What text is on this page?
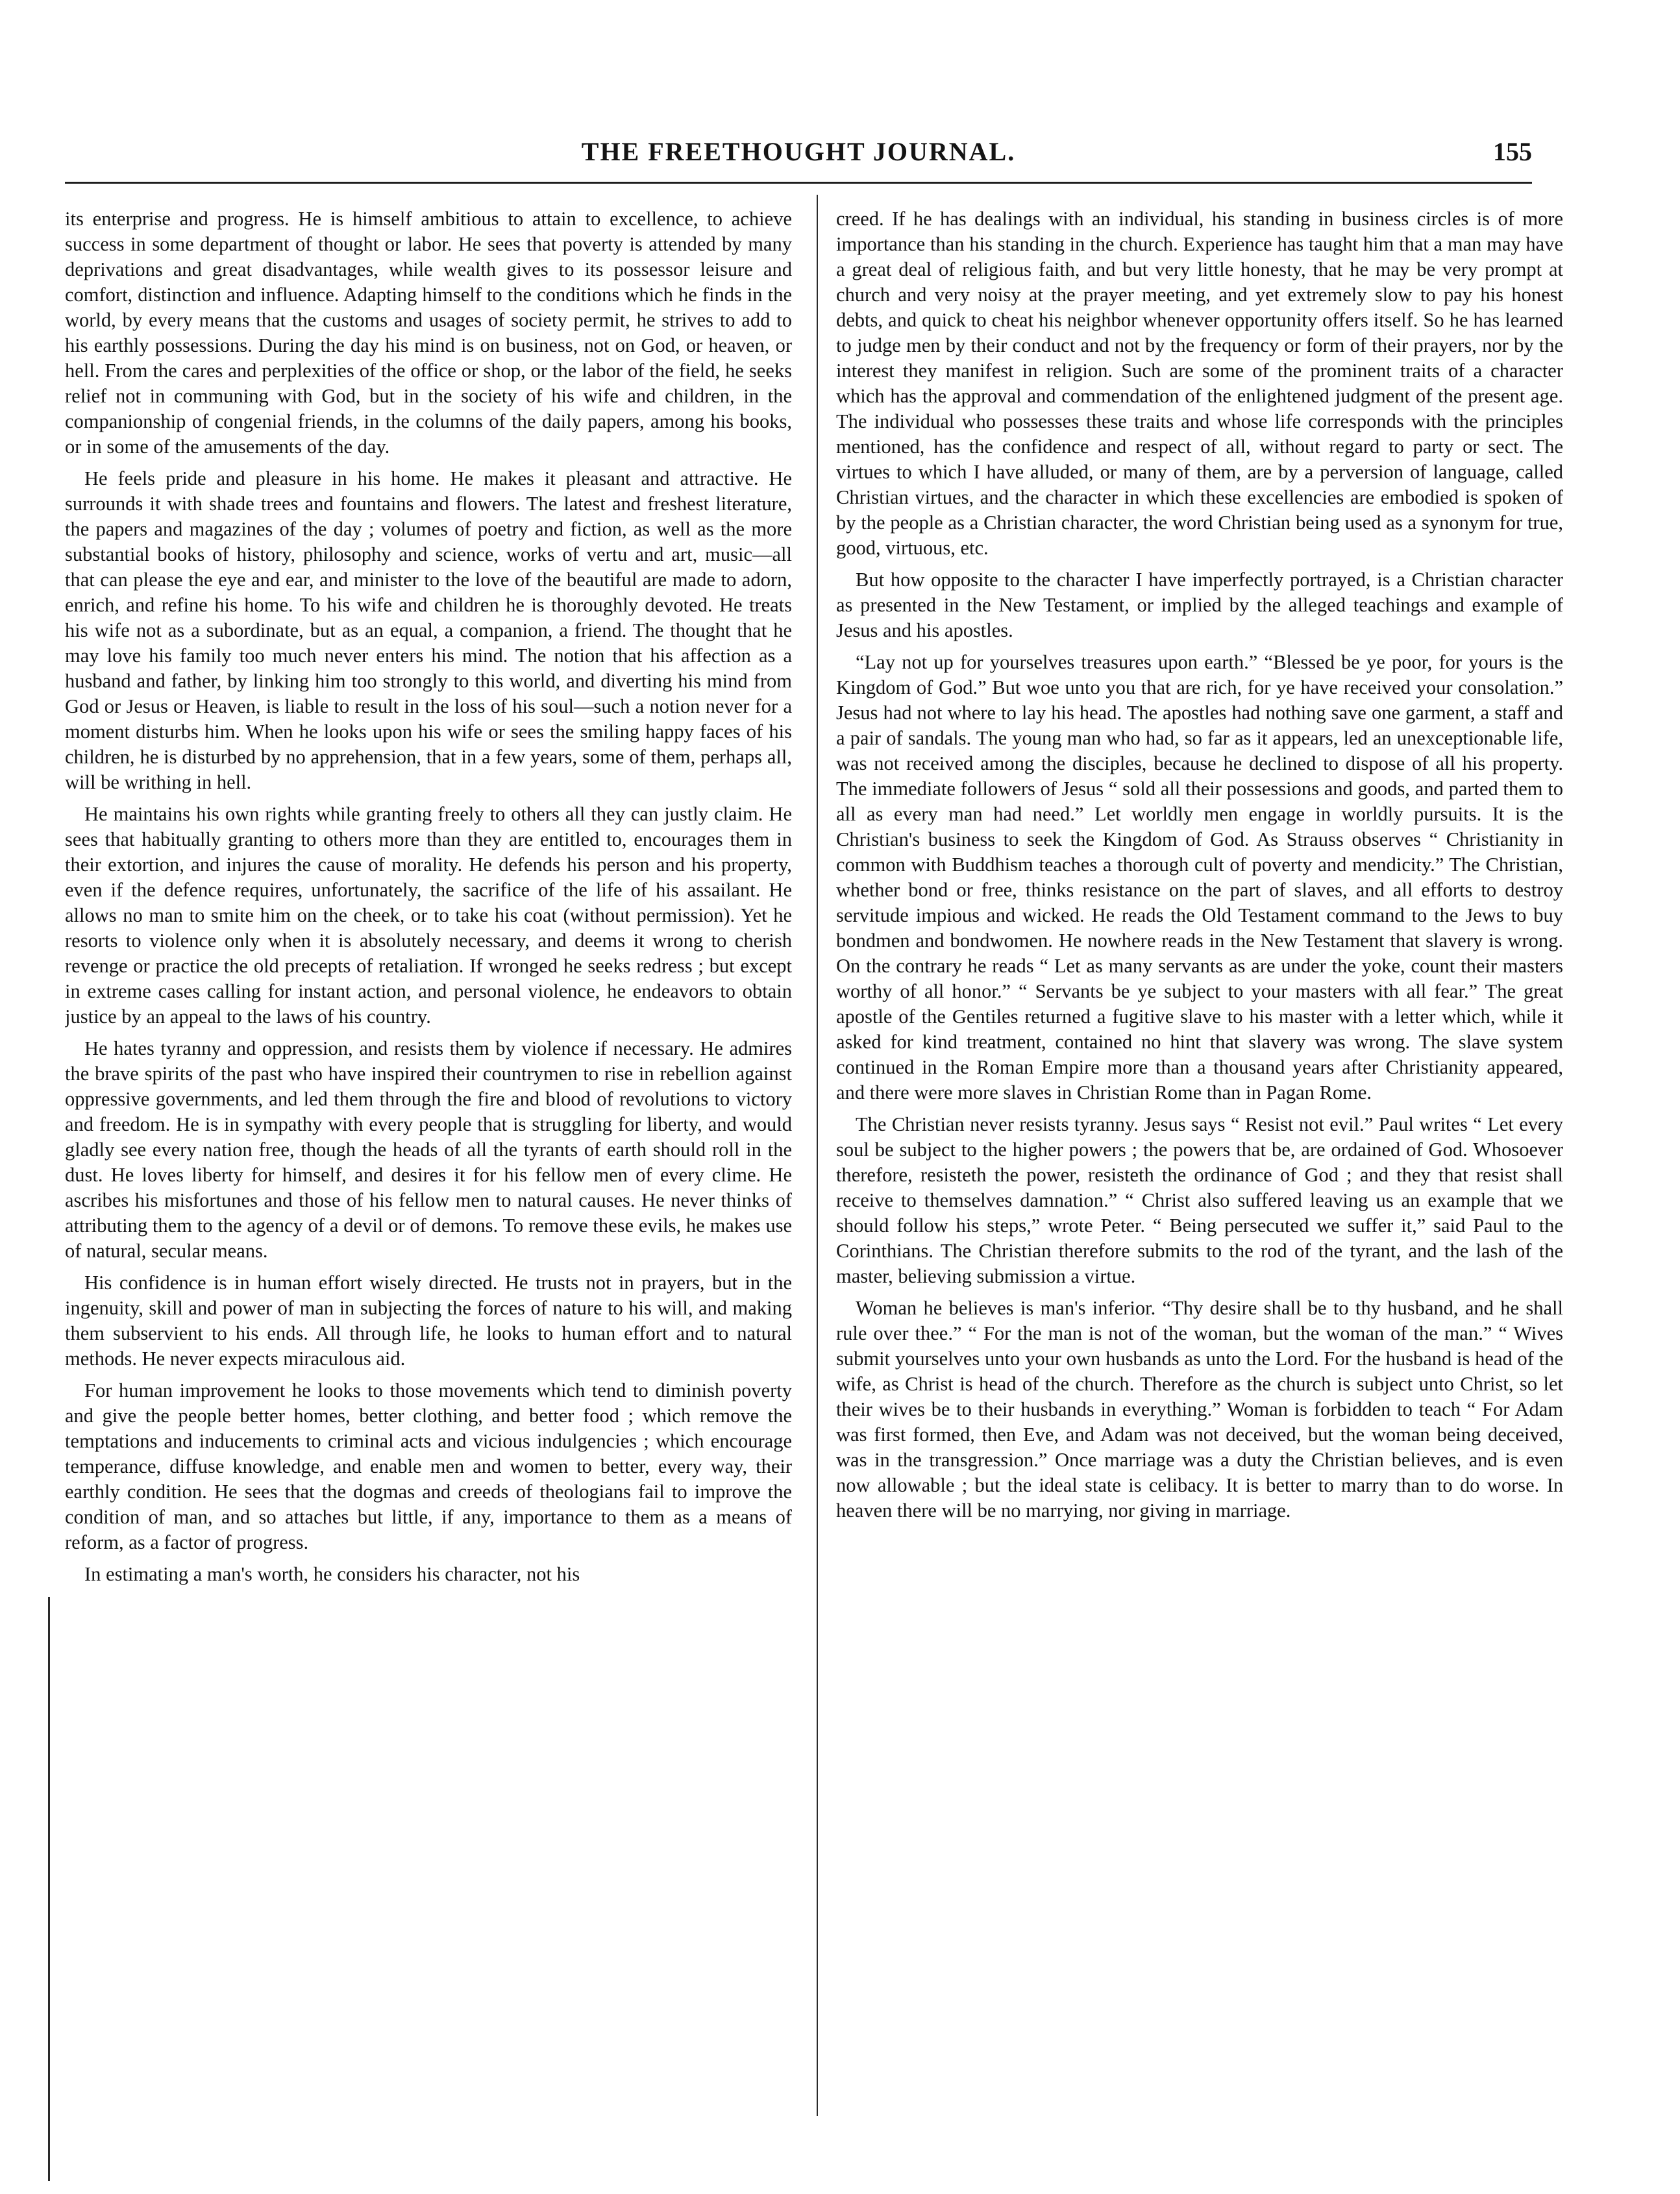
THE FREETHOUGHT JOURNAL.	155

its enterprise and progress. He is himself ambitious to attain to excellence, to achieve success in some department of thought or labor. He sees that poverty is attended by many deprivations and great disadvantages, while wealth gives to its possessor leisure and comfort, distinction and influence. Adapting himself to the conditions which he finds in the world, by every means that the customs and usages of society permit, he strives to add to his earthly possessions. During the day his mind is on business, not on God, or heaven, or hell. From the cares and perplexities of the office or shop, or the labor of the field, he seeks relief not in communing with God, but in the society of his wife and children, in the companionship of congenial friends, in the columns of the daily papers, among his books, or in some of the amusements of the day.

He feels pride and pleasure in his home. He makes it pleasant and attractive. He surrounds it with shade trees and fountains and flowers. The latest and freshest literature, the papers and magazines of the day ; volumes of poetry and fiction, as well as the more substantial books of history, philosophy and science, works of vertu and art, music—all that can please the eye and ear, and minister to the love of the beautiful are made to adorn, enrich, and refine his home. To his wife and children he is thoroughly devoted. He treats his wife not as a subordinate, but as an equal, a companion, a friend. The thought that he may love his family too much never enters his mind. The notion that his affection as a husband and father, by linking him too strongly to this world, and diverting his mind from God or Jesus or Heaven, is liable to result in the loss of his soul—such a notion never for a moment disturbs him. When he looks upon his wife or sees the smiling happy faces of his children, he is disturbed by no apprehension, that in a few years, some of them, perhaps all, will be writhing in hell.

He maintains his own rights while granting freely to others all they can justly claim. He sees that habitually granting to others more than they are entitled to, encourages them in their extortion, and injures the cause of morality. He defends his person and his property, even if the defence requires, unfortunately, the sacrifice of the life of his assailant. He allows no man to smite him on the cheek, or to take his coat (without permission). Yet he resorts to violence only when it is absolutely necessary, and deems it wrong to cherish revenge or practice the old precepts of retaliation. If wronged he seeks redress ; but except in extreme cases calling for instant action, and personal violence, he endeavors to obtain justice by an appeal to the laws of his country.

He hates tyranny and oppression, and resists them by violence if necessary. He admires the brave spirits of the past who have inspired their countrymen to rise in rebellion against oppressive governments, and led them through the fire and blood of revolutions to victory and freedom. He is in sympathy with every people that is struggling for liberty, and would gladly see every nation free, though the heads of all the tyrants of earth should roll in the dust. He loves liberty for himself, and desires it for his fellow men of every clime. He ascribes his misfortunes and those of his fellow men to natural causes. He never thinks of attributing them to the agency of a devil or of demons. To remove these evils, he makes use of natural, secular means.

His confidence is in human effort wisely directed. He trusts not in prayers, but in the ingenuity, skill and power of man in subjecting the forces of nature to his will, and making them subservient to his ends. All through life, he looks to human effort and to natural methods. He never expects miraculous aid.

For human improvement he looks to those movements which tend to diminish poverty and give the people better homes, better clothing, and better food ; which remove the temptations and inducements to criminal acts and vicious indulgencies ; which encourage temperance, diffuse knowledge, and enable men and women to better, every way, their earthly condition. He sees that the dogmas and creeds of theologians fail to improve the condition of man, and so attaches but little, if any, importance to them as a means of reform, as a factor of progress.

In estimating a man's worth, he considers his character, not his

creed. If he has dealings with an individual, his standing in business circles is of more importance than his standing in the church. Experience has taught him that a man may have a great deal of religious faith, and but very little honesty, that he may be very prompt at church and very noisy at the prayer meeting, and yet extremely slow to pay his honest debts, and quick to cheat his neighbor whenever opportunity offers itself. So he has learned to judge men by their conduct and not by the frequency or form of their prayers, nor by the interest they manifest in religion. Such are some of the prominent traits of a character which has the approval and commendation of the enlightened judgment of the present age. The individual who possesses these traits and whose life corresponds with the principles mentioned, has the confidence and respect of all, without regard to party or sect. The virtues to which I have alluded, or many of them, are by a perversion of language, called Christian virtues, and the character in which these excellencies are embodied is spoken of by the people as a Christian character, the word Christian being used as a synonym for true, good, virtuous, etc.

But how opposite to the character I have imperfectly portrayed, is a Christian character as presented in the New Testament, or implied by the alleged teachings and example of Jesus and his apostles.

“Lay not up for yourselves treasures upon earth.” “Blessed be ye poor, for yours is the Kingdom of God.” But woe unto you that are rich, for ye have received your consolation.” Jesus had not where to lay his head. The apostles had nothing save one garment, a staff and a pair of sandals. The young man who had, so far as it appears, led an unexceptionable life, was not received among the disciples, because he declined to dispose of all his property. The immediate followers of Jesus “ sold all their possessions and goods, and parted them to all as every man had need.” Let worldly men engage in worldly pursuits. It is the Christian's business to seek the Kingdom of God. As Strauss observes “ Christianity in common with Buddhism teaches a thorough cult of poverty and mendicity.” The Christian, whether bond or free, thinks resistance on the part of slaves, and all efforts to destroy servitude impious and wicked. He reads the Old Testament command to the Jews to buy bondmen and bondwomen. He nowhere reads in the New Testament that slavery is wrong. On the contrary he reads “ Let as many servants as are under the yoke, count their masters worthy of all honor.” “ Servants be ye subject to your masters with all fear.” The great apostle of the Gentiles returned a fugitive slave to his master with a letter which, while it asked for kind treatment, contained no hint that slavery was wrong. The slave system continued in the Roman Empire more than a thousand years after Christianity appeared, and there were more slaves in Christian Rome than in Pagan Rome.

The Christian never resists tyranny. Jesus says “ Resist not evil.” Paul writes “ Let every soul be subject to the higher powers ; the powers that be, are ordained of God. Whosoever therefore, resisteth the power, resisteth the ordinance of God ; and they that resist shall receive to themselves damnation.” “ Christ also suffered leaving us an example that we should follow his steps,” wrote Peter. “ Being persecuted we suffer it,” said Paul to the Corinthians. The Christian therefore submits to the rod of the tyrant, and the lash of the master, believing submission a virtue.

Woman he believes is man's inferior. “Thy desire shall be to thy husband, and he shall rule over thee.” “ For the man is not of the woman, but the woman of the man.” “ Wives submit yourselves unto your own husbands as unto the Lord. For the husband is head of the wife, as Christ is head of the church. Therefore as the church is subject unto Christ, so let their wives be to their husbands in everything.” Woman is forbidden to teach “ For Adam was first formed, then Eve, and Adam was not deceived, but the woman being deceived, was in the transgression.” Once marriage was a duty the Christian believes, and is even now allowable ; but the ideal state is celibacy. It is better to marry than to do worse. In heaven there will be no marrying, nor giving in marriage.
